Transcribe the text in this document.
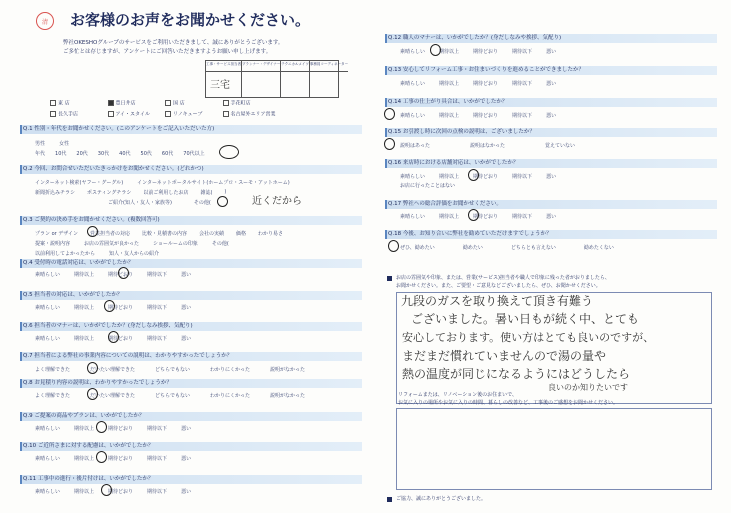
清	お客様のお声をお聞かせください。
弊社OKESHOグループのサービスをご利用いただきまして、誠にありがとうございます。
ご多忙とは存じますが、アンケートにご回答いただきますようお願い申し上げます。
工事・サービス担当者 プランナー・デザイナー テクニカルメイツ 事務員コーディネーター
三宅
東 店	豊日井店	国 店	手花町店
長久手店	アイ・スタイル	リノキューブ	名古屋外エリア営業
Q.1 性別・年代をお聞かせください。(このアンケートをご記入いただいた方)
男性	女性
年代 10代 20代 30代 40代 50代 60代 70代以上
Q.2 今回、お問合せいただいたきっかけをお聞かせください。(どれかつ)
インターネット検索(ヤフー・グーグル)	インターネットポータルサイト(ホームプロ・スーモ・アットホーム)
新聞折込みチラシ ポスティングチラシ 以前ご利用したお店 雑誌( )
ご紹介(知人・友人・家族等)	その他(	近くだから
Q.3 ご契約の決め手をお聞かせください。(複数回答可)
プラン or デザイン 営業担当者の対応 比較・見積書の内容 会社の実績 価格 わかり易さ
提案・説明内容	お店の雰囲気が良かった	ショールームの印象	その他(
以前利用してよかったから	知人・友人からの紹介
Q.4 受付時の電話対応は、いかがでしたか？
素晴らしい	期待以上	期待どおり	期待以下	悪い
Q.5 担当者の対応は、いかがでしたか？
素晴らしい	期待以上	期待どおり	期待以下	悪い
Q.6 担当者のマナーは、いかがでしたか？(身だしなみ挨拶、気配り)
素晴らしい	期待以上	期待どおり	期待以下	悪い
Q.7 担当者による弊社の事業内容についての説明は、わかりやすかったでしょうか？
よく理解できた	だいたい理解できた	どちらでもない	わかりにくかった	説明がなかった
Q.8 お見積り内容の説明は、わかりやすかったでしょうか？
よく理解できた	だいたい理解できた	どちらでもない	わかりにくかった	説明がなかった
Q.9 ご提案の商品やプランは、いかがでしたか？
素晴らしい	期待以上	期待どおり	期待以下	悪い
Q.10 ご近所さまに対する配慮は、いかがでしたか？
素晴らしい	期待以上	期待どおり	期待以下	悪い
Q.11 工事中の進行・後片付けは、いかがでしたか？
素晴らしい	期待以上	期待どおり	期待以下	悪い
Q.12 職人のマナーは、いかがでしたか？(身だしなみや挨拶、気配り)
素晴らしい	期待以上	期待どおり	期待以下	悪い
Q.13 安心してリフォーム工事・お住まいづくりを進めることができましたか？
素晴らしい	期待以上	期待どおり	期待以下	悪い
Q.14 工事の仕上がり具合は、いかがでしたか？
素晴らしい	期待以上	期待どおり	期待以下	悪い
Q.15 お引渡し時に次回の点検の説明は、ございましたか？
説明はあった	説明はなかった	覚えていない
Q.16 来店時における店舗対応は、いかがでしたか？
素晴らしい	期待以上	期待どおり	期待以下	悪い
お店に行ったことはない
Q.17 弊社への総合評価をお聞かせください。
素晴らしい	期待以上	期待どおり	期待以下	悪い
Q.18 今後、お知り合いに弊社を勧めていただけますでしょうか？
ぜひ、勧めたい	勧めたい	どちらとも言えない	勧めたくない
お店の雰囲気や印象、または、営業(サービス)担当者や職人で印象に残った者がおりましたら、
お聞かせください。また、ご要望・ご意見などございましたら、ぜひ、お聞かせください。
九段のガスを取り換えて頂き有難う
ございました。暑い日もが続く中、とても
安心しております。使い方はとても良いのですが、
まだまだ慣れていませんので湯の量や
熱の温度が同じになるようにはどうしたら
良いのか知りたいです
リフォームまたは、リノベーション後のお住まいで、
お気に入りの場所やお気に入りの時間、暮らしの改善など、工事後のご感想をお聞かせください。
ご協力、誠にありがとうございました。
